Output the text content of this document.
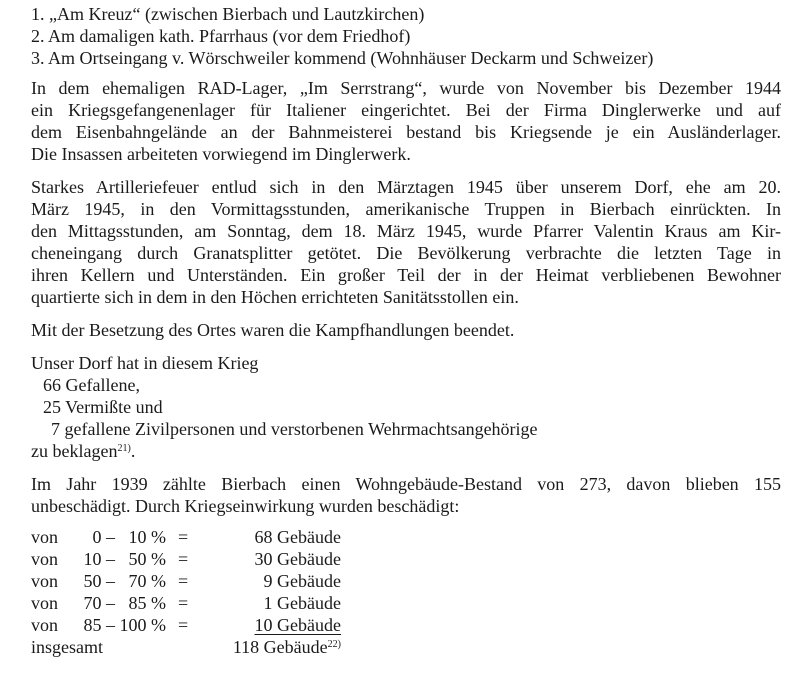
1. „Am Kreuz“ (zwischen Bierbach und Lautzkirchen)
2. Am damaligen kath. Pfarrhaus (vor dem Friedhof)
3. Am Ortseingang v. Wörschweiler kommend (Wohnhäuser Deckarm und Schweizer)
In dem ehemaligen RAD-Lager, „Im Serrstrang“, wurde von November bis Dezember 1944
ein Kriegsgefangenenlager für Italiener eingerichtet. Bei der Firma Dinglerwerke und auf
dem Eisenbahngelände an der Bahnmeisterei bestand bis Kriegsende je ein Ausländerlager.
Die Insassen arbeiteten vorwiegend im Dinglerwerk.
Starkes Artilleriefeuer entlud sich in den Märztagen 1945 über unserem Dorf, ehe am 20.
März 1945, in den Vormittagsstunden, amerikanische Truppen in Bierbach einrückten. In
den Mittagsstunden, am Sonntag, dem 18. März 1945, wurde Pfarrer Valentin Kraus am Kir-
cheneingang durch Granatsplitter getötet. Die Bevölkerung verbrachte die letzten Tage in
ihren Kellern und Unterständen. Ein großer Teil der in der Heimat verbliebenen Bewohner
quartierte sich in dem in den Höchen errichteten Sanitätsstollen ein.
Mit der Besetzung des Ortes waren die Kampfhandlungen beendet.
Unser Dorf hat in diesem Krieg
66 Gefallene,
25 Vermißte und
7 gefallene Zivilpersonen und verstorbenen Wehrmachtsangehörige
zu beklagen$^{21)}$.
Im Jahr 1939 zählte Bierbach einen Wohngebäude-Bestand von 273, davon blieben 155
unbeschädigt. Durch Kriegseinwirkung wurden beschädigt:
von	0 –   10 % =	68 Gebäude
von	10 –   50 % =	30 Gebäude
von	50 –   70 % =	9 Gebäude
von	70 –   85 % =	1 Gebäude
von	85 – 100 % =	10 Gebäude
insgesamt	118 Gebäude$^{22)}$
